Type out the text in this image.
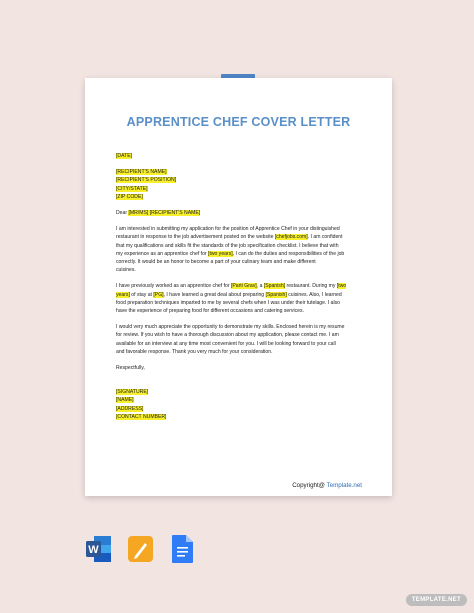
APPRENTICE CHEF COVER LETTER
[DATE]
[RECIPIENT'S NAME]
[RECIPIENT'S POSITION]
[CITY/STATE]
[ZIP CODE]
Dear [MR/MS] [RECIPIENT'S NAME]
I am interested in submitting my application for the position of Apprentice Chef in your distinguished
restaurant in response to the job advertisement posted on the website [chefjobs.com]. I am confident
that my qualifications and skills fit the standards of the job specification checklist. I believe that with
my experience as an apprentice chef for [two years], I can do the duties and responsibilities of the job
correctly. It would be an honor to become a part of your culinary team and make different
cuisines.
I have previously worked as an apprentice chef for [Parti Grav], a [Spanish] restaurant. During my [two
years] of stay at [PG], I have learned a great deal about preparing [Spanish] cuisines. Also, I learned
food preparation techniques imparted to me by several chefs when I was under their tutelage. I also
have the experience of preparing food for different occasions and catering services.
I would very much appreciate the opportunity to demonstrate my skills. Enclosed herein is my resume
for review. If you wish to have a thorough discussion about my application, please contact me. I am
available for an interview at any time most convenient for you. I will be looking forward to your call
and favorable response. Thank you very much for your consideration.
Respectfully,
[SIGNATURE]
[NAME]
[ADDRESS]
[CONTACT NUMBER]
Copyright@ Template.net
W
TEMPLATE.NET
